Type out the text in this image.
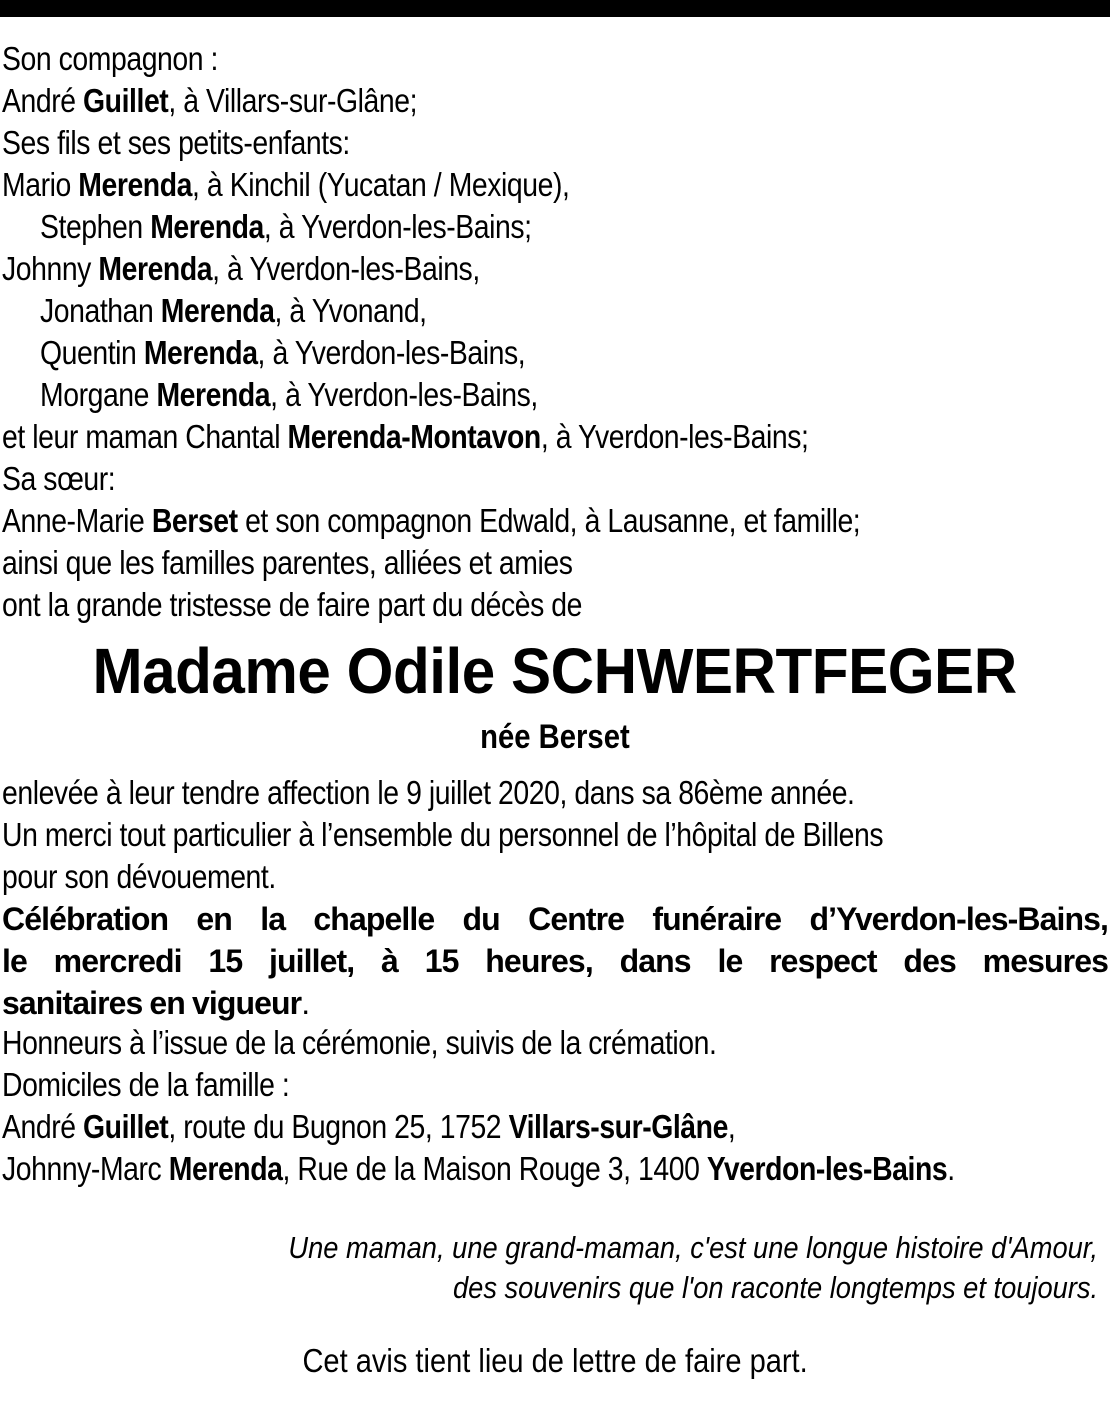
Son compagnon :
André Guillet, à Villars-sur-Glâne;
Ses fils et ses petits-enfants:
Mario Merenda, à Kinchil (Yucatan / Mexique),
Stephen Merenda, à Yverdon-les-Bains;
Johnny Merenda, à Yverdon-les-Bains,
Jonathan Merenda, à Yvonand,
Quentin Merenda, à Yverdon-les-Bains,
Morgane Merenda, à Yverdon-les-Bains,
et leur maman Chantal Merenda-Montavon, à Yverdon-les-Bains;
Sa sœur:
Anne-Marie Berset et son compagnon Edwald, à Lausanne, et famille;
ainsi que les familles parentes, alliées et amies
ont la grande tristesse de faire part du décès de
Madame Odile SCHWERTFEGER
née Berset
enlevée à leur tendre affection le 9 juillet 2020, dans sa 86ème année.
Un merci tout particulier à l’ensemble du personnel de l’hôpital de Billens
pour son dévouement.
Célébration en la chapelle du Centre funéraire d’Yverdon-les-Bains,
le mercredi 15 juillet, à 15 heures, dans le respect des mesures
sanitaires en vigueur.
Honneurs à l’issue de la cérémonie, suivis de la crémation.
Domiciles de la famille :
André Guillet, route du Bugnon 25, 1752 Villars-sur-Glâne,
Johnny-Marc Merenda, Rue de la Maison Rouge 3, 1400 Yverdon-les-Bains.
Une maman, une grand-maman, c'est une longue histoire d'Amour,
des souvenirs que l'on raconte longtemps et toujours.
Cet avis tient lieu de lettre de faire part.
